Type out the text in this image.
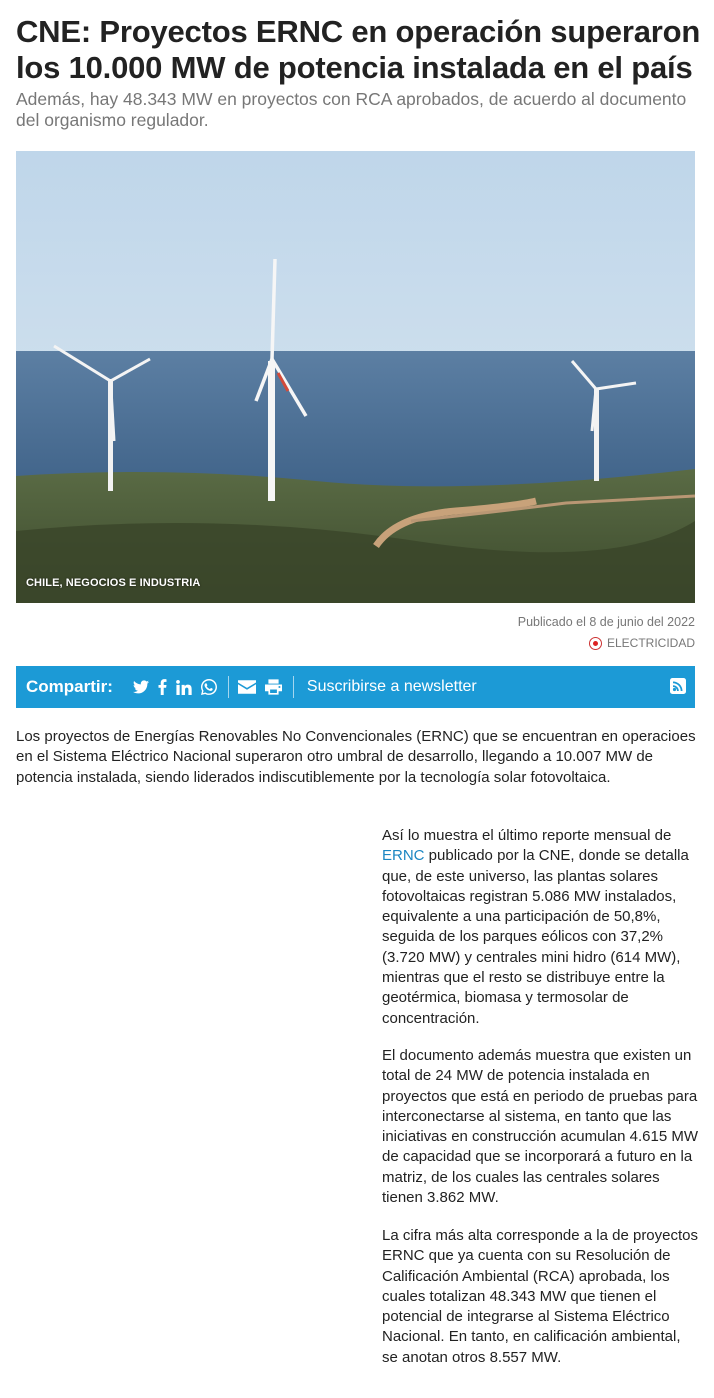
CNE: Proyectos ERNC en operación superaron los 10.000 MW de potencia instalada en el país

Además, hay 48.343 MW en proyectos con RCA aprobados, de acuerdo al documento del organismo regulador.

CHILE, NEGOCIOS E INDUSTRIA
Publicado el 8 de junio del 2022
ELECTRICIDAD
Compartir:	Suscribirse a newsletter

Los proyectos de Energías Renovables No Convencionales (ERNC) que se encuentran en operacioes en el Sistema Eléctrico Nacional superaron otro umbral de desarrollo, llegando a 10.007 MW de potencia instalada, siendo liderados indiscutiblemente por la tecnología solar fotovoltaica.

Así lo muestra el último reporte mensual de ERNC publicado por la CNE, donde se detalla que, de este universo, las plantas solares fotovoltaicas registran 5.086 MW instalados, equivalente a una participación de 50,8%, seguida de los parques eólicos con 37,2% (3.720 MW) y centrales mini hidro (614 MW), mientras que el resto se distribuye entre la geotérmica, biomasa y termosolar de concentración.

El documento además muestra que existen un total de 24 MW de potencia instalada en proyectos que está en periodo de pruebas para interconectarse al sistema, en tanto que las iniciativas en construcción acumulan 4.615 MW de capacidad que se incorporará a futuro en la matriz, de los cuales las centrales solares tienen 3.862 MW.

La cifra más alta corresponde a la de proyectos ERNC que ya cuenta con su Resolución de Calificación Ambiental (RCA) aprobada, los cuales totalizan 48.343 MW que tienen el potencial de integrarse al Sistema Eléctrico Nacional. En tanto, en calificación ambiental, se anotan otros 8.557 MW.
